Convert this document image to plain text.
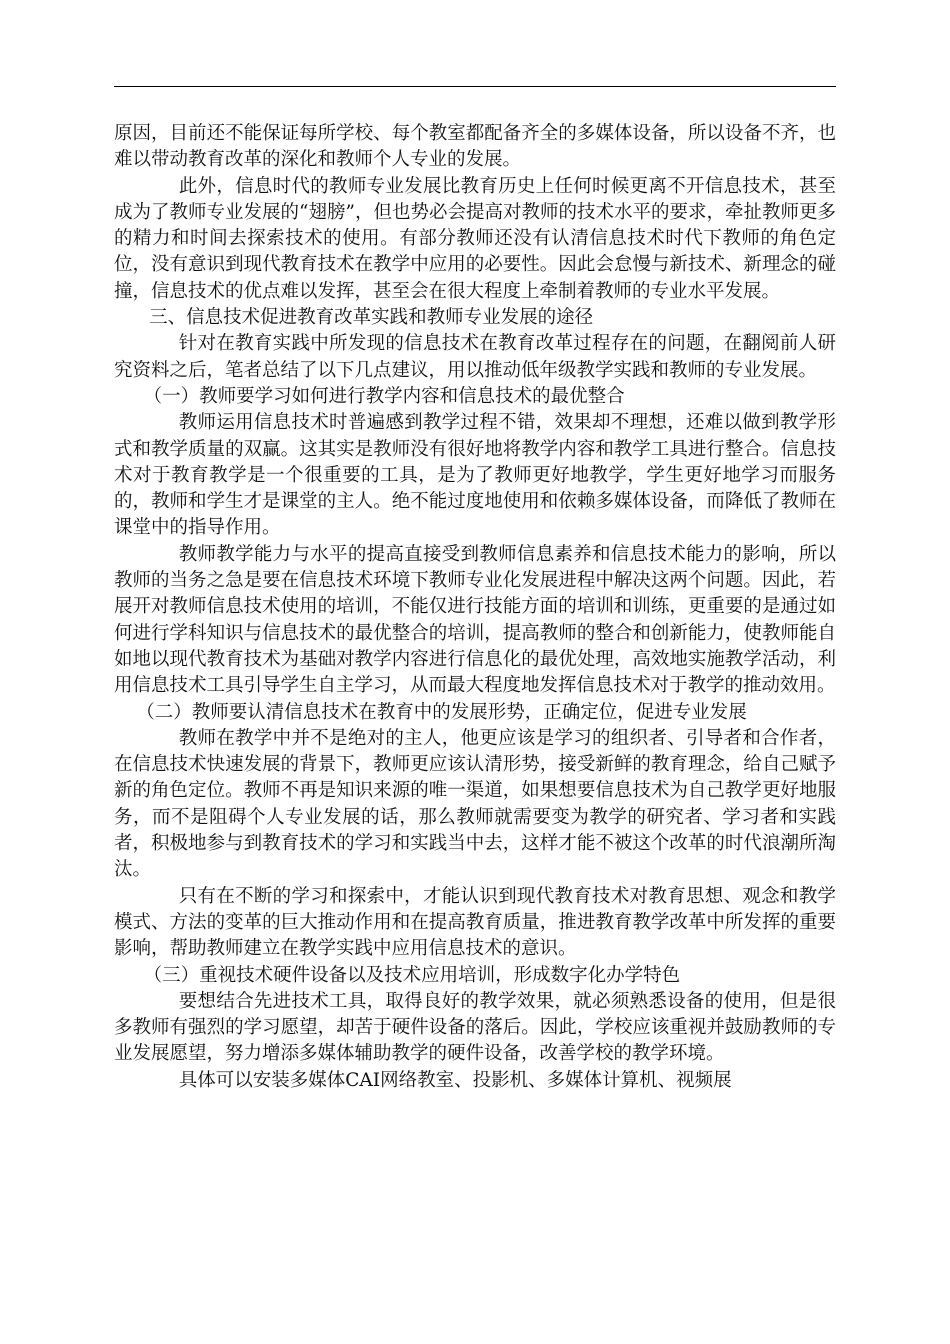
原因，目前还不能保证每所学校、每个教室都配备齐全的多媒体设备，所以设备不齐，也难以带动教育改革的深化和教师个人专业的发展。

此外，信息时代的教师专业发展比教育历史上任何时候更离不开信息技术，甚至成为了教师专业发展的“翅膀”，但也势必会提高对教师的技术水平的要求，牵扯教师更多的精力和时间去探索技术的使用。有部分教师还没有认清信息技术时代下教师的角色定位，没有意识到现代教育技术在教学中应用的必要性。因此会怠慢与新技术、新理念的碰撞，信息技术的优点难以发挥，甚至会在很大程度上牵制着教师的专业水平发展。

三、信息技术促进教育改革实践和教师专业发展的途径

针对在教育实践中所发现的信息技术在教育改革过程存在的问题，在翻阅前人研究资料之后，笔者总结了以下几点建议，用以推动低年级教学实践和教师的专业发展。

（一）教师要学习如何进行教学内容和信息技术的最优整合

教师运用信息技术时普遍感到教学过程不错，效果却不理想，还难以做到教学形式和教学质量的双赢。这其实是教师没有很好地将教学内容和教学工具进行整合。信息技术对于教育教学是一个很重要的工具，是为了教师更好地教学，学生更好地学习而服务的，教师和学生才是课堂的主人。绝不能过度地使用和依赖多媒体设备，而降低了教师在课堂中的指导作用。

教师教学能力与水平的提高直接受到教师信息素养和信息技术能力的影响，所以教师的当务之急是要在信息技术环境下教师专业化发展进程中解决这两个问题。因此，若展开对教师信息技术使用的培训，不能仅进行技能方面的培训和训练，更重要的是通过如何进行学科知识与信息技术的最优整合的培训，提高教师的整合和创新能力，使教师能自如地以现代教育技术为基础对教学内容进行信息化的最优处理，高效地实施教学活动，利用信息技术工具引导学生自主学习，从而最大程度地发挥信息技术对于教学的推动效用。

（二）教师要认清信息技术在教育中的发展形势，正确定位，促进专业发展

教师在教学中并不是绝对的主人，他更应该是学习的组织者、引导者和合作者，在信息技术快速发展的背景下，教师更应该认清形势，接受新鲜的教育理念，给自己赋予新的角色定位。教师不再是知识来源的唯一渠道，如果想要信息技术为自己教学更好地服务，而不是阻碍个人专业发展的话，那么教师就需要变为教学的研究者、学习者和实践者，积极地参与到教育技术的学习和实践当中去，这样才能不被这个改革的时代浪潮所淘汰。

只有在不断的学习和探索中，才能认识到现代教育技术对教育思想、观念和教学模式、方法的变革的巨大推动作用和在提高教育质量，推进教育教学改革中所发挥的重要影响，帮助教师建立在教学实践中应用信息技术的意识。

（三）重视技术硬件设备以及技术应用培训，形成数字化办学特色

要想结合先进技术工具，取得良好的教学效果，就必须熟悉设备的使用，但是很多教师有强烈的学习愿望，却苦于硬件设备的落后。因此，学校应该重视并鼓励教师的专业发展愿望，努力增添多媒体辅助教学的硬件设备，改善学校的教学环境。

具体可以安装多媒体CAI网络教室、投影机、多媒体计算机、视频展
